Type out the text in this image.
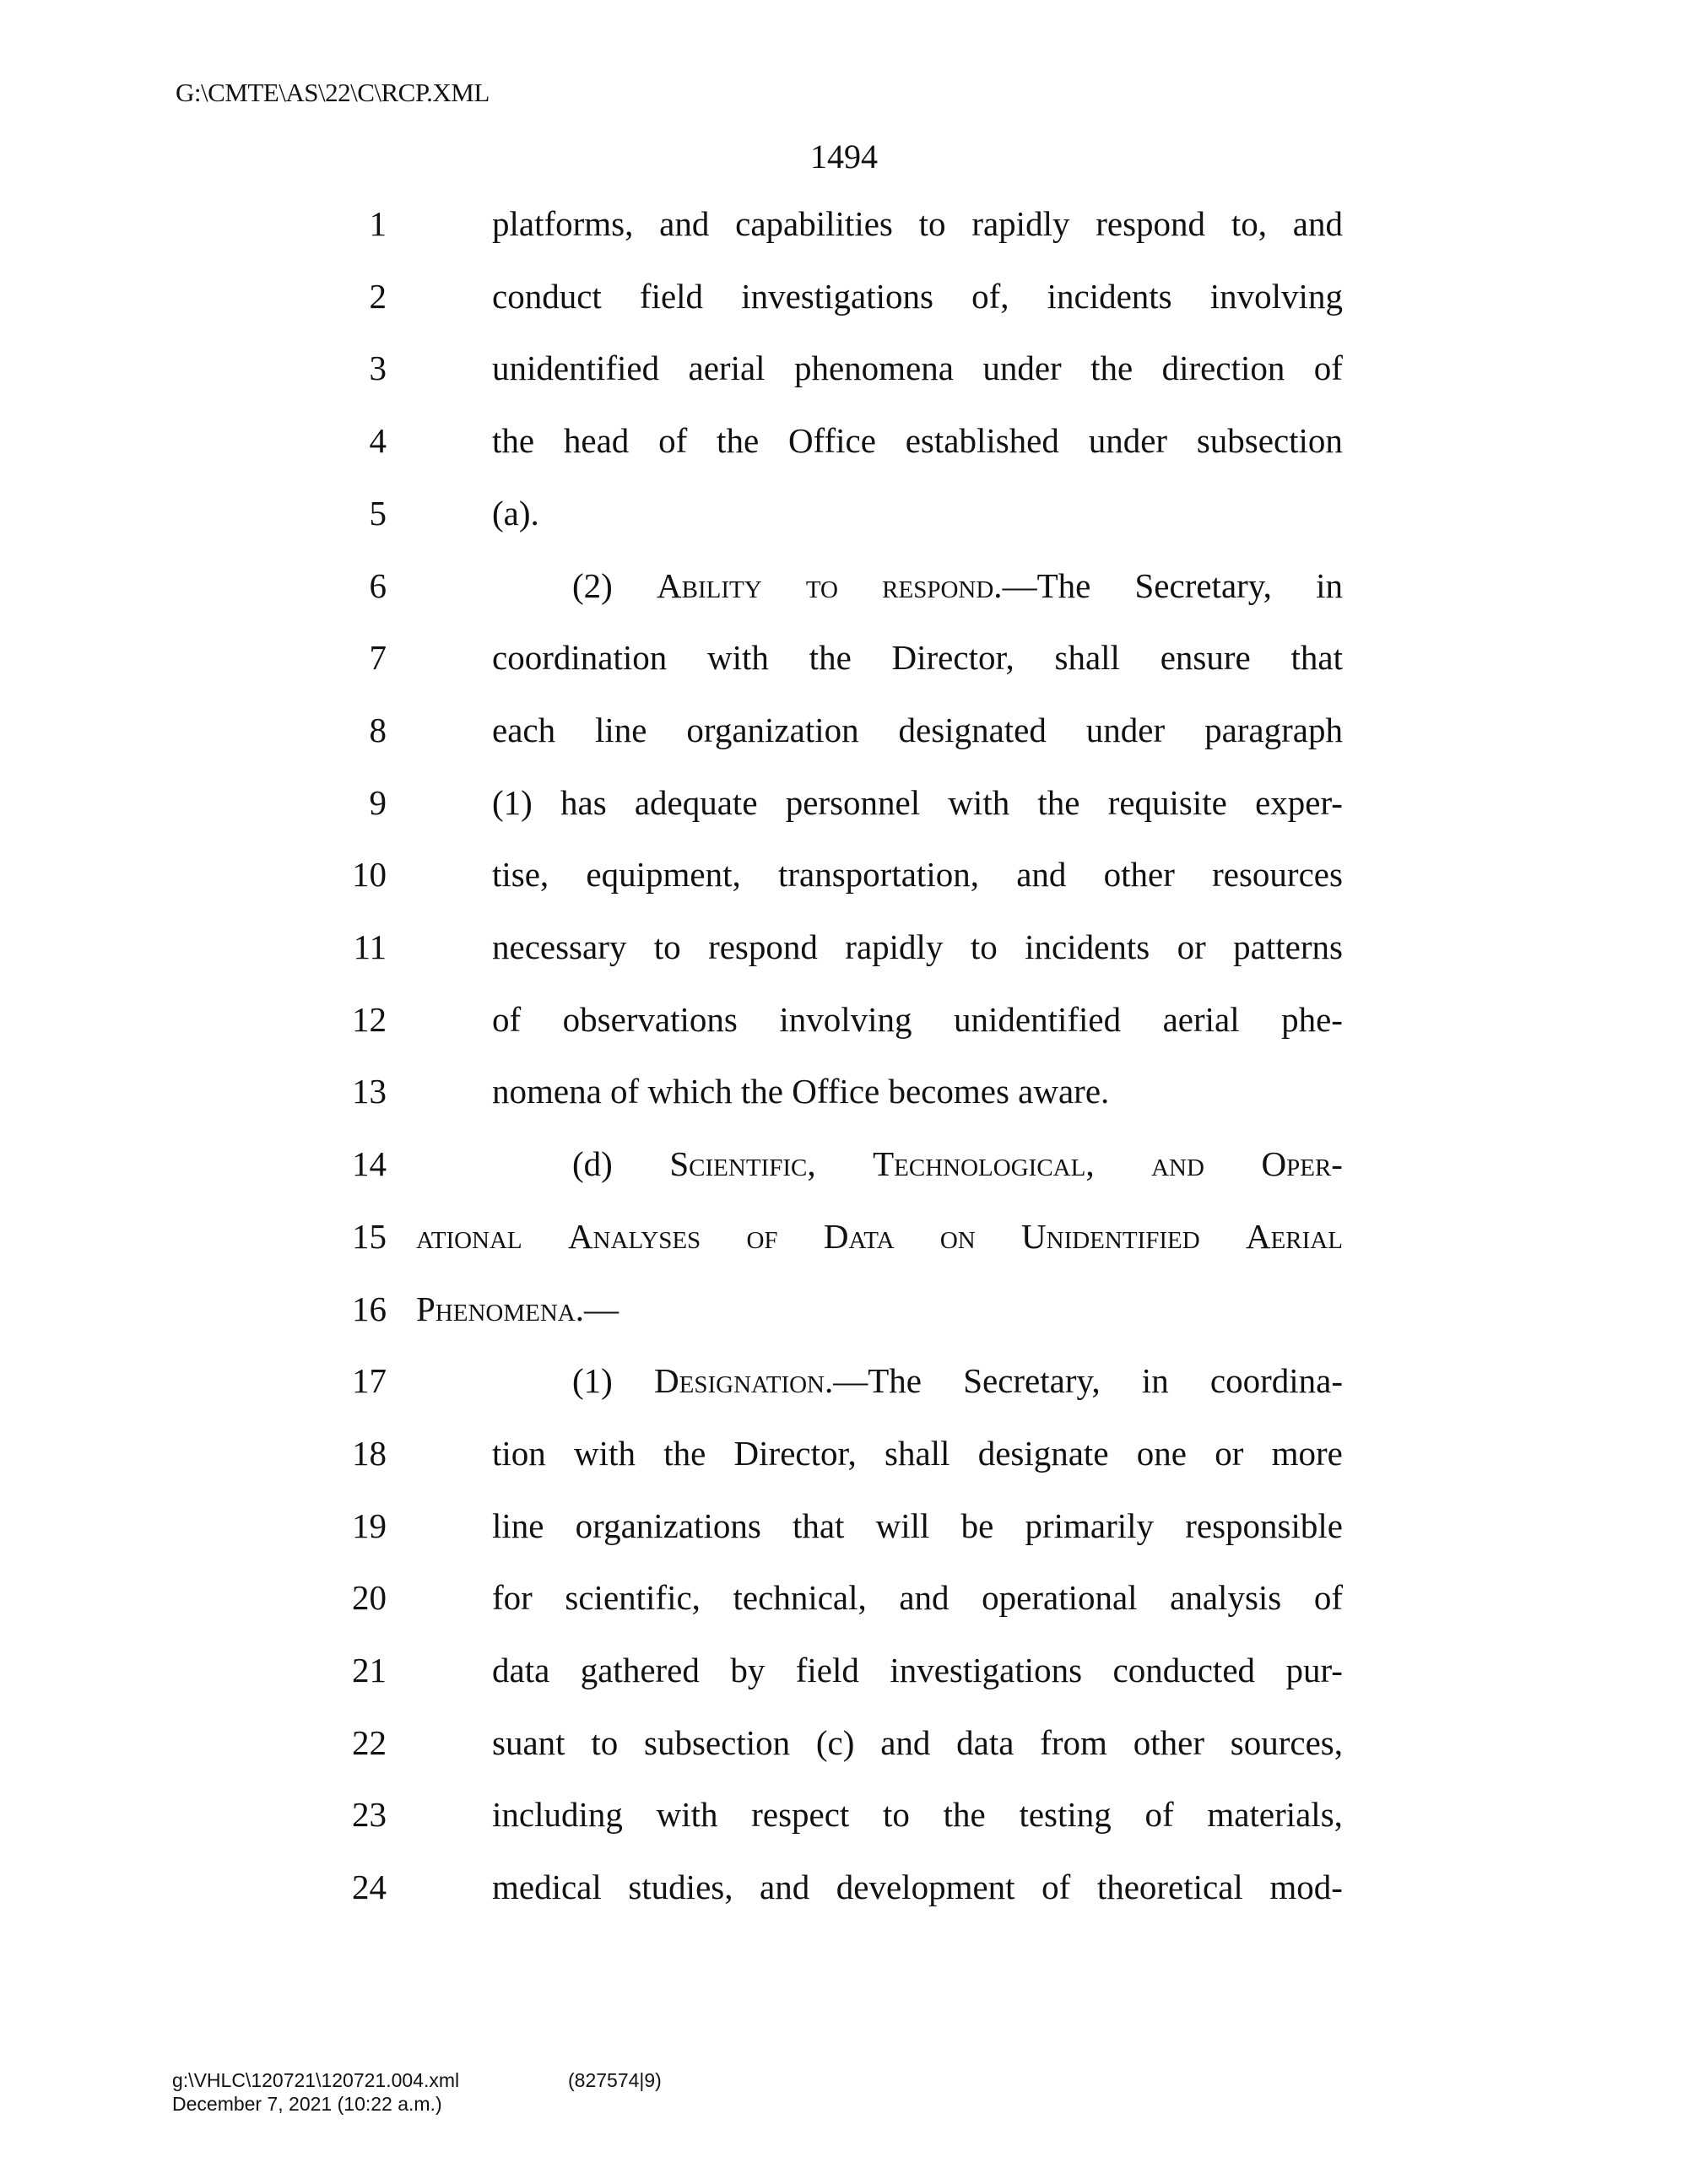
G:\CMTE\AS\22\C\RCP.XML
1494
1	platforms, and capabilities to rapidly respond to, and
2	conduct field investigations of, incidents involving
3	unidentified aerial phenomena under the direction of
4	the head of the Office established under subsection
5	(a).
6	(2) Ability to respond.—The Secretary, in
7	coordination with the Director, shall ensure that
8	each line organization designated under paragraph
9	(1) has adequate personnel with the requisite exper-
10	tise, equipment, transportation, and other resources
11	necessary to respond rapidly to incidents or patterns
12	of observations involving unidentified aerial phe-
13	nomena of which the Office becomes aware.
14	(d) Scientific, Technological, and Oper-
15 ational Analyses of Data on Unidentified Aerial
16 Phenomena.—
17	(1) Designation.—The Secretary, in coordina-
18	tion with the Director, shall designate one or more
19	line organizations that will be primarily responsible
20	for scientific, technical, and operational analysis of
21	data gathered by field investigations conducted pur-
22	suant to subsection (c) and data from other sources,
23	including with respect to the testing of materials,
24	medical studies, and development of theoretical mod-
g:\VHLC\120721\120721.004.xml	(827574|9)
December 7, 2021 (10:22 a.m.)
